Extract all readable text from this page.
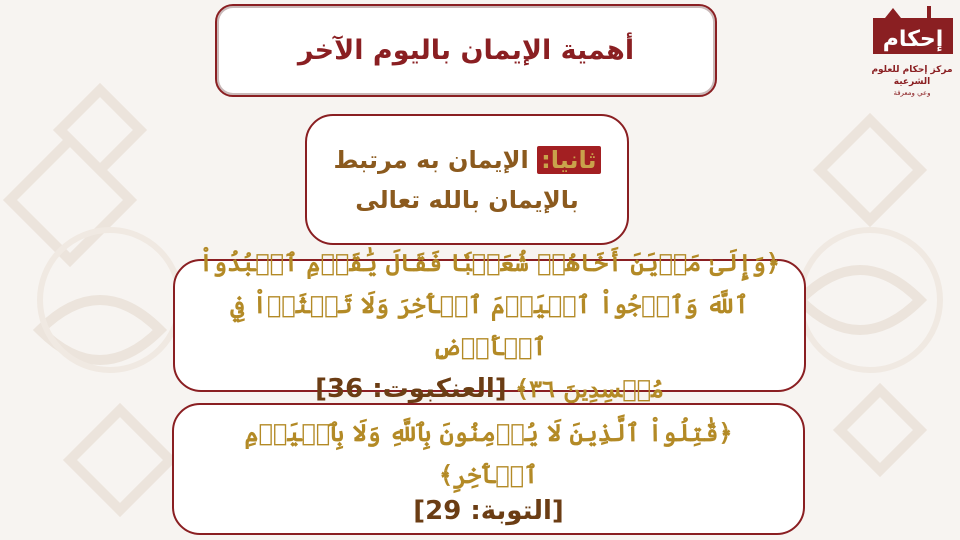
إحكام
مركز إحكام للعلوم الشرعية
وعي ومعرفة
أهمية الإيمان باليوم الآخر
ثانيا: الإيمان به مرتبط
بالإيمان بالله تعالى
﴿وَإِلَىٰ مَدۡيَنَ أَخَاهُمۡ شُعَيۡبٗا فَقَالَ يَٰقَوۡمِ ٱعۡبُدُواْ
ٱللَّهَ وَٱرۡجُواْ ٱلۡيَوۡمَ ٱلۡأٓخِرَ وَلَا تَعۡثَوۡاْ فِي ٱلۡأَرۡضِ
مُفۡسِدِينَ ٣٦﴾ [العنكبوت: 36]
﴿قَٰتِلُواْ ٱلَّذِينَ لَا يُؤۡمِنُونَ بِٱللَّهِ وَلَا بِٱلۡيَوۡمِ ٱلۡأٓخِرِ﴾
[التوبة: 29]
